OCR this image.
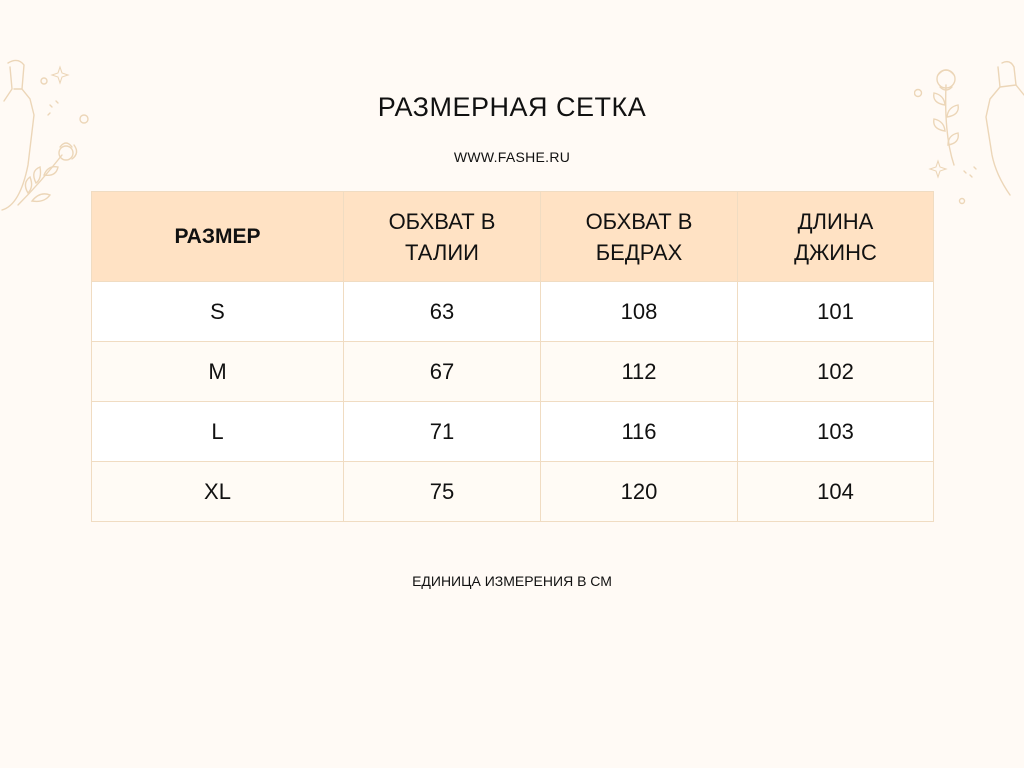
РАЗМЕРНАЯ СЕТКА
WWW.FASHE.RU
РАЗМЕР	ОБХВАТ В ТАЛИИ	ОБХВАТ В БЕДРАХ	ДЛИНА ДЖИНС
S	63	108	101
M	67	112	102
L	71	116	103
XL	75	120	104
ЕДИНИЦА ИЗМЕРЕНИЯ В СМ
